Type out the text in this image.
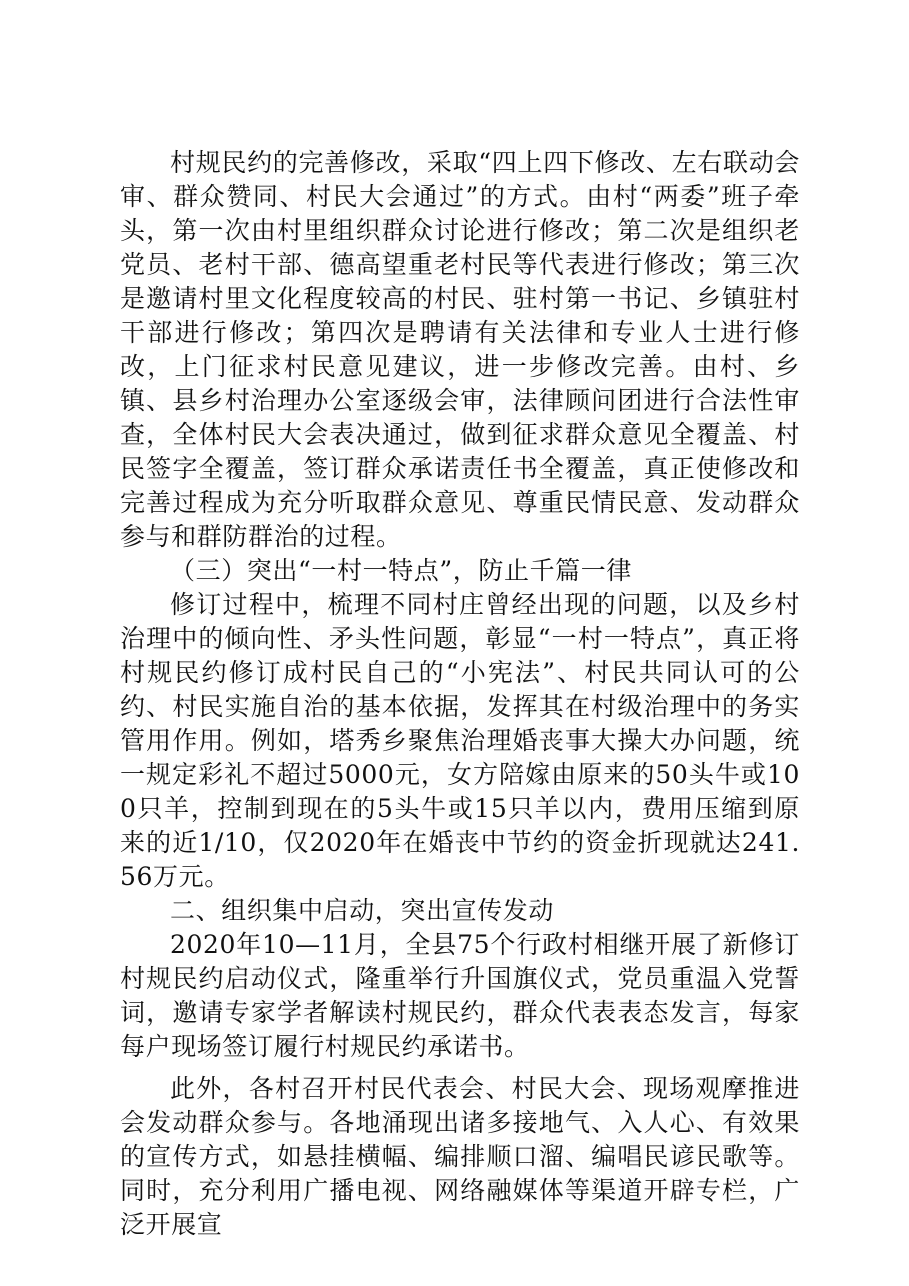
村规民约的完善修改，采取“四上四下修改、左右联动会审、群众赞同、村民大会通过”的方式。由村“两委”班子牵头，第一次由村里组织群众讨论进行修改；第二次是组织老党员、老村干部、德高望重老村民等代表进行修改；第三次是邀请村里文化程度较高的村民、驻村第一书记、乡镇驻村干部进行修改；第四次是聘请有关法律和专业人士进行修改，上门征求村民意见建议，进一步修改完善。由村、乡镇、县乡村治理办公室逐级会审，法律顾问团进行合法性审查，全体村民大会表决通过，做到征求群众意见全覆盖、村民签字全覆盖，签订群众承诺责任书全覆盖，真正使修改和完善过程成为充分听取群众意见、尊重民情民意、发动群众参与和群防群治的过程。

（三）突出“一村一特点”，防止千篇一律

修订过程中，梳理不同村庄曾经出现的问题，以及乡村治理中的倾向性、矛头性问题，彰显“一村一特点”，真正将村规民约修订成村民自己的“小宪法”、村民共同认可的公约、村民实施自治的基本依据，发挥其在村级治理中的务实管用作用。例如，塔秀乡聚焦治理婚丧事大操大办问题，统一规定彩礼不超过5000元，女方陪嫁由原来的50头牛或100只羊，控制到现在的5头牛或15只羊以内，费用压缩到原来的近1/10，仅2020年在婚丧中节约的资金折现就达241.56万元。

二、组织集中启动，突出宣传发动

2020年10—11月，全县75个行政村相继开展了新修订村规民约启动仪式，隆重举行升国旗仪式，党员重温入党誓词，邀请专家学者解读村规民约，群众代表表态发言，每家每户现场签订履行村规民约承诺书。

此外，各村召开村民代表会、村民大会、现场观摩推进会发动群众参与。各地涌现出诸多接地气、入人心、有效果的宣传方式，如悬挂横幅、编排顺口溜、编唱民谚民歌等。同时，充分利用广播电视、网络融媒体等渠道开辟专栏，广泛开展宣
